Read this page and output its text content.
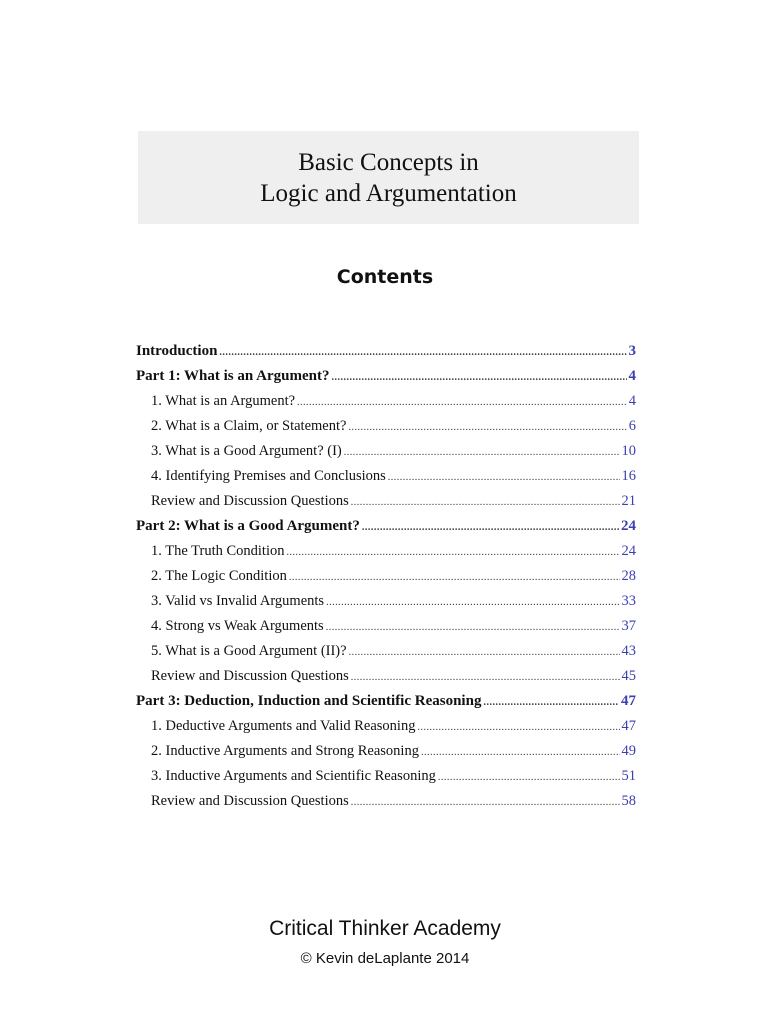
Basic Concepts in
Logic and Argumentation
Contents
Introduction .....	3
Part 1: What is an Argument? .....	4
1. What is an Argument? .....	4
2. What is a Claim, or Statement? .....	6
3. What is a Good Argument? (I) .....	10
4. Identifying Premises and Conclusions .....	16
Review and Discussion Questions .....	21
Part 2: What is a Good Argument? .....	24
1. The Truth Condition .....	24
2. The Logic Condition .....	28
3. Valid vs Invalid Arguments .....	33
4. Strong vs Weak Arguments .....	37
5. What is a Good Argument (II)? .....	43
Review and Discussion Questions .....	45
Part 3: Deduction, Induction and Scientific Reasoning .....	47
1. Deductive Arguments and Valid Reasoning .....	47
2. Inductive Arguments and Strong Reasoning .....	49
3. Inductive Arguments and Scientific Reasoning .....	51
Review and Discussion Questions .....	58
Critical Thinker Academy
© Kevin deLaplante 2014
